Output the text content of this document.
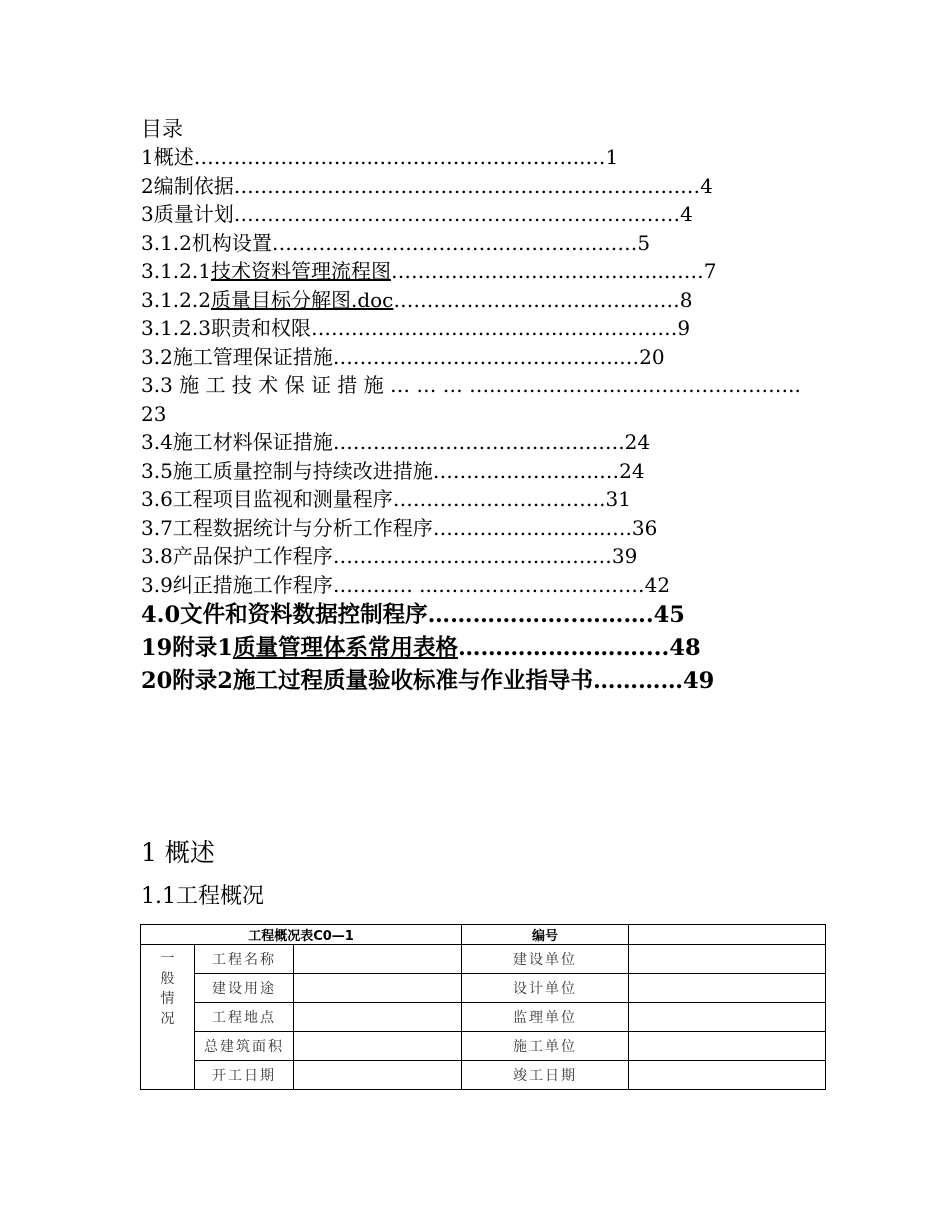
目录
1概述……………………...…………………………..…1
2编制依据………………………………………………………….…4
3质量计划…………………………………………………….……4
3.1.2机构设置……………………………..……….….……5
3.1.2.1技术资料管理流程图…………………………………..……7
3.1.2.2质量目标分解图.doc………………….…………………8
3.1.2.3职责和权限……………………………….………………9
3.2施工管理保证措施…………………………………….…20
3.3 施 工 技 术 保 证 措 施 … … … ….……………….….…………………..23
3.4施工材料保证措施…………...…………….………….24
3.5施工质量控制与持续改进措施…………………….…24
3.6工程项目监视和测量程序………………….……….31
3.7工程数据统计与分析工作程序……………………..….36
3.8产品保护工作程序…………………………..…….…39
3.9纠正措施工作程序………… ...……………….…………42
4.0文件和资料数据控制程序………………..……….45
19附录1质量管理体系常用表格……………………....48
20附录2施工过程质量验收标准与作业指导书…………49
1 概述
1.1工程概况
工程概况表C0—1			编号	

一
般
情
况	工程名称		建设单位	
	建设用途		设计单位	
	工程地点		监理单位	
	总建筑面积		施工单位	
	开工日期		竣工日期	
